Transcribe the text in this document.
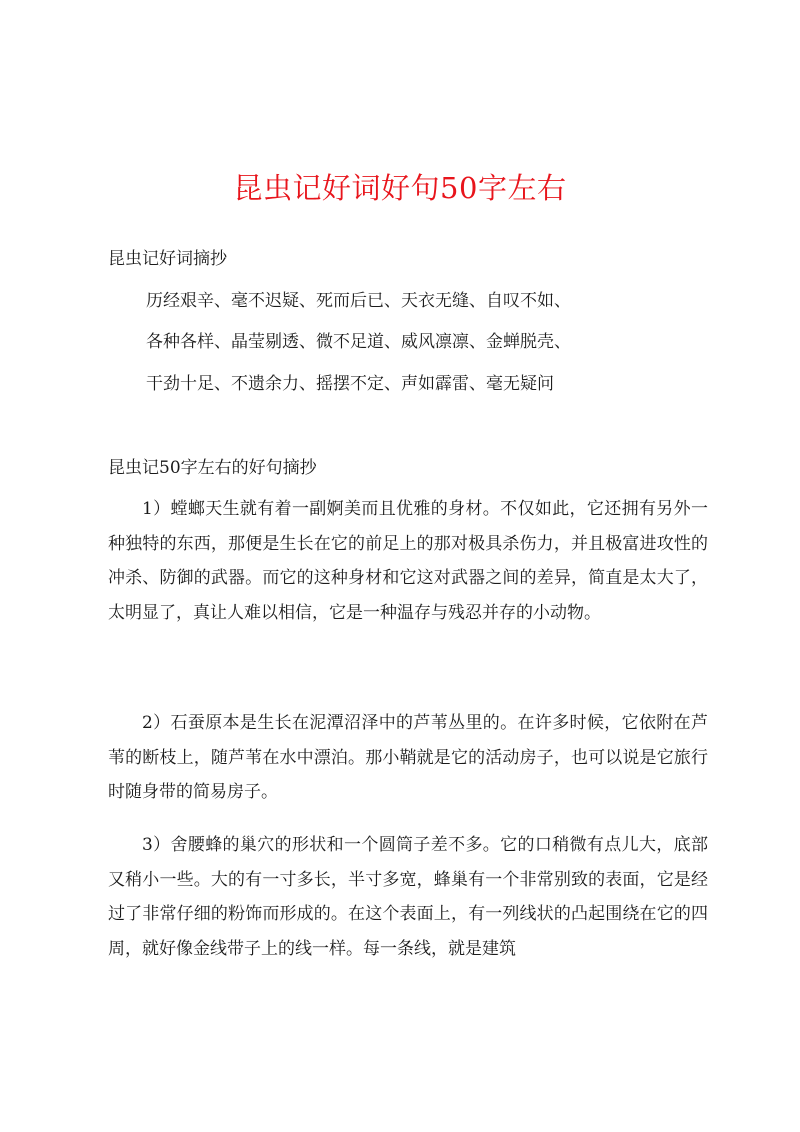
昆虫记好词好句50字左右
昆虫记好词摘抄
历经艰辛、毫不迟疑、死而后已、天衣无缝、自叹不如、
各种各样、晶莹剔透、微不足道、威风凛凛、金蝉脱壳、
干劲十足、不遗余力、摇摆不定、声如霹雷、毫无疑问
昆虫记50字左右的好句摘抄
1）螳螂天生就有着一副婀美而且优雅的身材。不仅如此，它还拥有另外一种独特的东西，那便是生长在它的前足上的那对极具杀伤力，并且极富进攻性的冲杀、防御的武器。而它的这种身材和它这对武器之间的差异，简直是太大了，太明显了，真让人难以相信，它是一种温存与残忍并存的小动物。
2）石蚕原本是生长在泥潭沼泽中的芦苇丛里的。在许多时候，它依附在芦苇的断枝上，随芦苇在水中漂泊。那小鞘就是它的活动房子，也可以说是它旅行时随身带的简易房子。
3）舍腰蜂的巢穴的形状和一个圆筒子差不多。它的口稍微有点儿大，底部又稍小一些。大的有一寸多长，半寸多宽，蜂巢有一个非常别致的表面，它是经过了非常仔细的粉饰而形成的。在这个表面上，有一列线状的凸起围绕在它的四周，就好像金线带子上的线一样。每一条线，就是建筑
